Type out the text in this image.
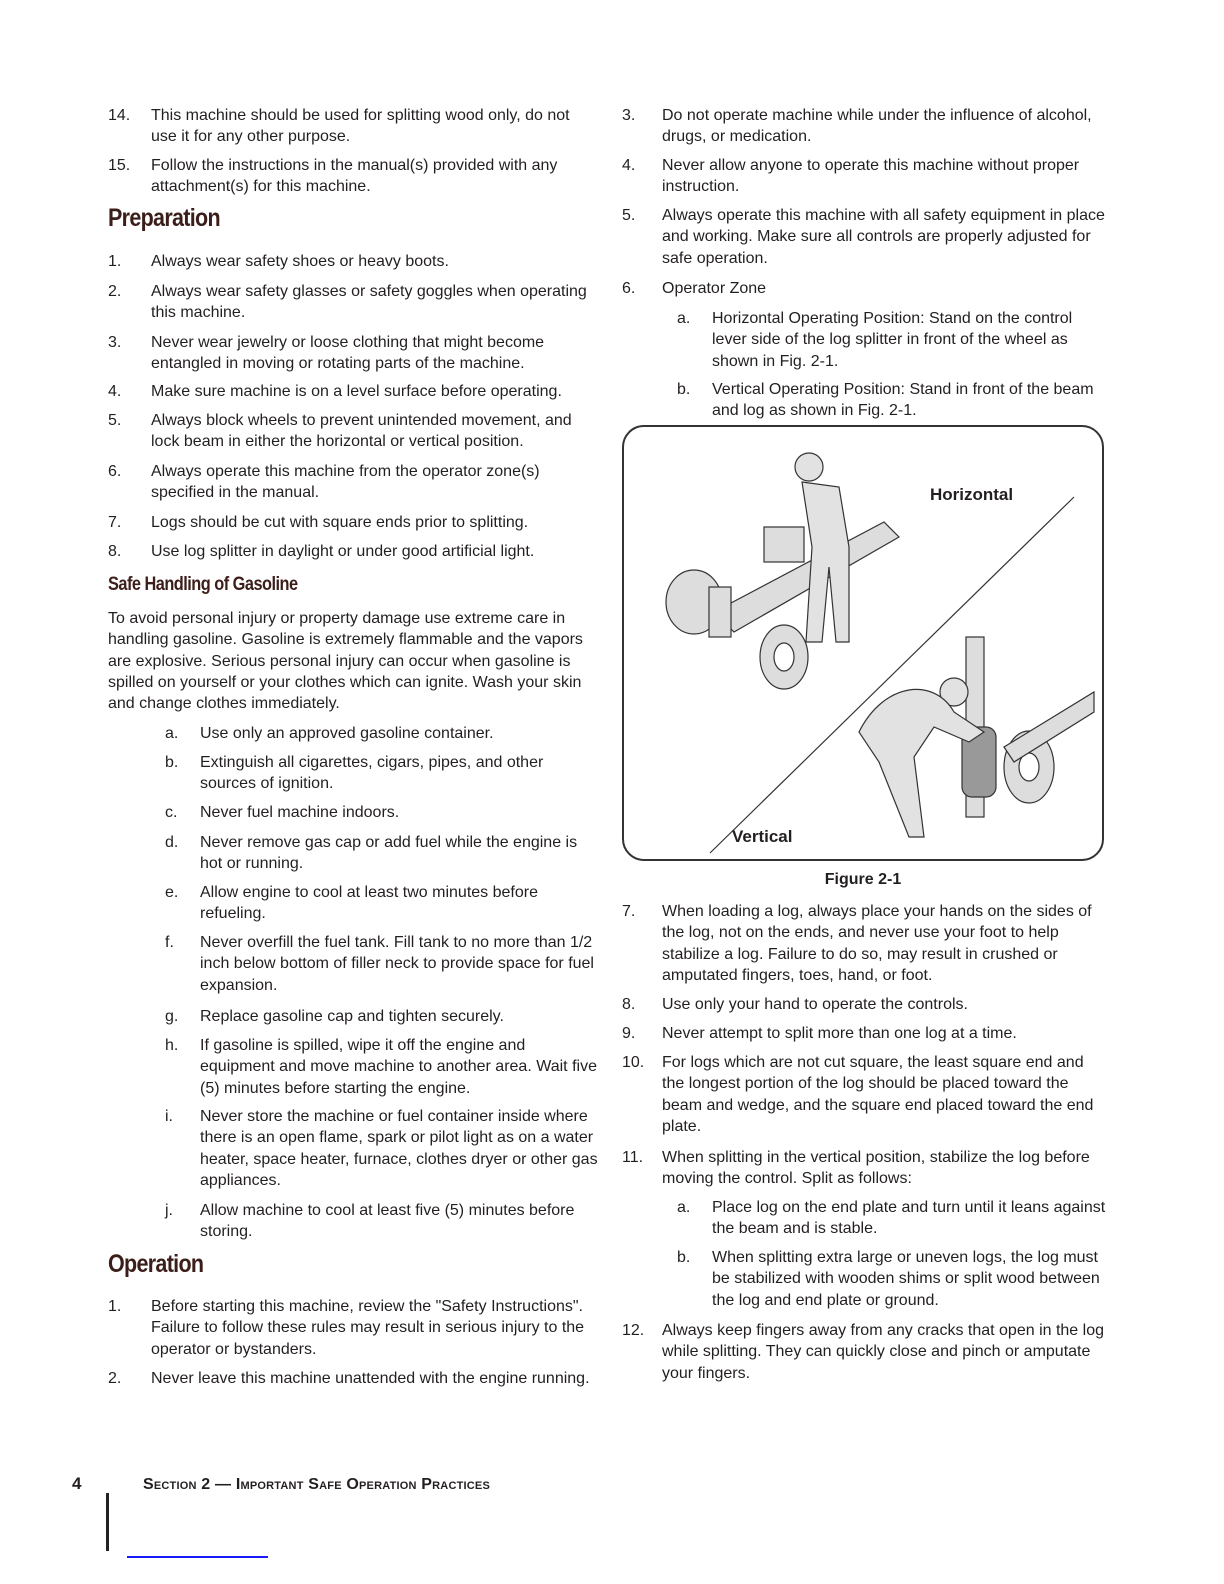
14. This machine should be used for splitting wood only, do not use it for any other purpose.
15. Follow the instructions in the manual(s) provided with any attachment(s) for this machine.
1. Always wear safety shoes or heavy boots.
2. Always wear safety glasses or safety goggles when operating this machine.
3. Never wear jewelry or loose clothing that might become entangled in moving or rotating parts of the machine.
4. Make sure machine is on a level surface before operating.
5. Always block wheels to prevent unintended movement, and lock beam in either the horizontal or vertical position.
6. Always operate this machine from the operator zone(s) specified in the manual.
7. Logs should be cut with square ends prior to splitting.
8. Use log splitter in daylight or under good artificial light.
a. Use only an approved gasoline container.
b. Extinguish all cigarettes, cigars, pipes, and other sources of ignition.
c. Never fuel machine indoors.
d. Never remove gas cap or add fuel while the engine is hot or running.
e. Allow engine to cool at least two minutes before refueling.
f. Never overfill the fuel tank. Fill tank to no more than 1/2 inch below bottom of filler neck to provide space for fuel expansion.
g. Replace gasoline cap and tighten securely.
h. If gasoline is spilled, wipe it off the engine and equipment and move machine to another area. Wait five (5) minutes before starting the engine.
i. Never store the machine or fuel container inside where there is an open flame, spark or pilot light as on a water heater, space heater, furnace, clothes dryer or other gas appliances.
j. Allow machine to cool at least five (5) minutes before storing.
1. Before starting this machine, review the "Safety Instructions". Failure to follow these rules may result in serious injury to the operator or bystanders.
2. Never leave this machine unattended with the engine running.
3. Do not operate machine while under the influence of alcohol, drugs, or medication.
4. Never allow anyone to operate this machine without proper instruction.
5. Always operate this machine with all safety equipment in place and working. Make sure all controls are properly adjusted for safe operation.
6. Operator Zone
a. Horizontal Operating Position: Stand on the control lever side of the log splitter in front of the wheel as shown in Fig. 2-1.
b. Vertical Operating Position: Stand in front of the beam and log as shown in Fig. 2-1.
7. When loading a log, always place your hands on the sides of the log, not on the ends, and never use your foot to help stabilize a log. Failure to do so, may result in crushed or amputated fingers, toes, hand, or foot.
8. Use only your hand to operate the controls.
9. Never attempt to split more than one log at a time.
10. For logs which are not cut square, the least square end and the longest portion of the log should be placed toward the beam and wedge, and the square end placed toward the end plate.
11. When splitting in the vertical position, stabilize the log before moving the control. Split as follows:
a. Place log on the end plate and turn until it leans against the beam and is stable.
b. When splitting extra large or uneven logs, the log must be stabilized with wooden shims or split wood between the log and end plate or ground.
12. Always keep fingers away from any cracks that open in the log while splitting. They can quickly close and pinch or amputate your fingers.
Preparation
Safe Handling of Gasoline
To avoid personal injury or property damage use extreme care in handling gasoline. Gasoline is extremely flammable and the vapors are explosive. Serious personal injury can occur when gasoline is spilled on yourself or your clothes which can ignite. Wash your skin and change clothes immediately.
Operation
Horizontal
Vertical
Figure 2-1
4	Section 2 — Important Safe Operation Practices
